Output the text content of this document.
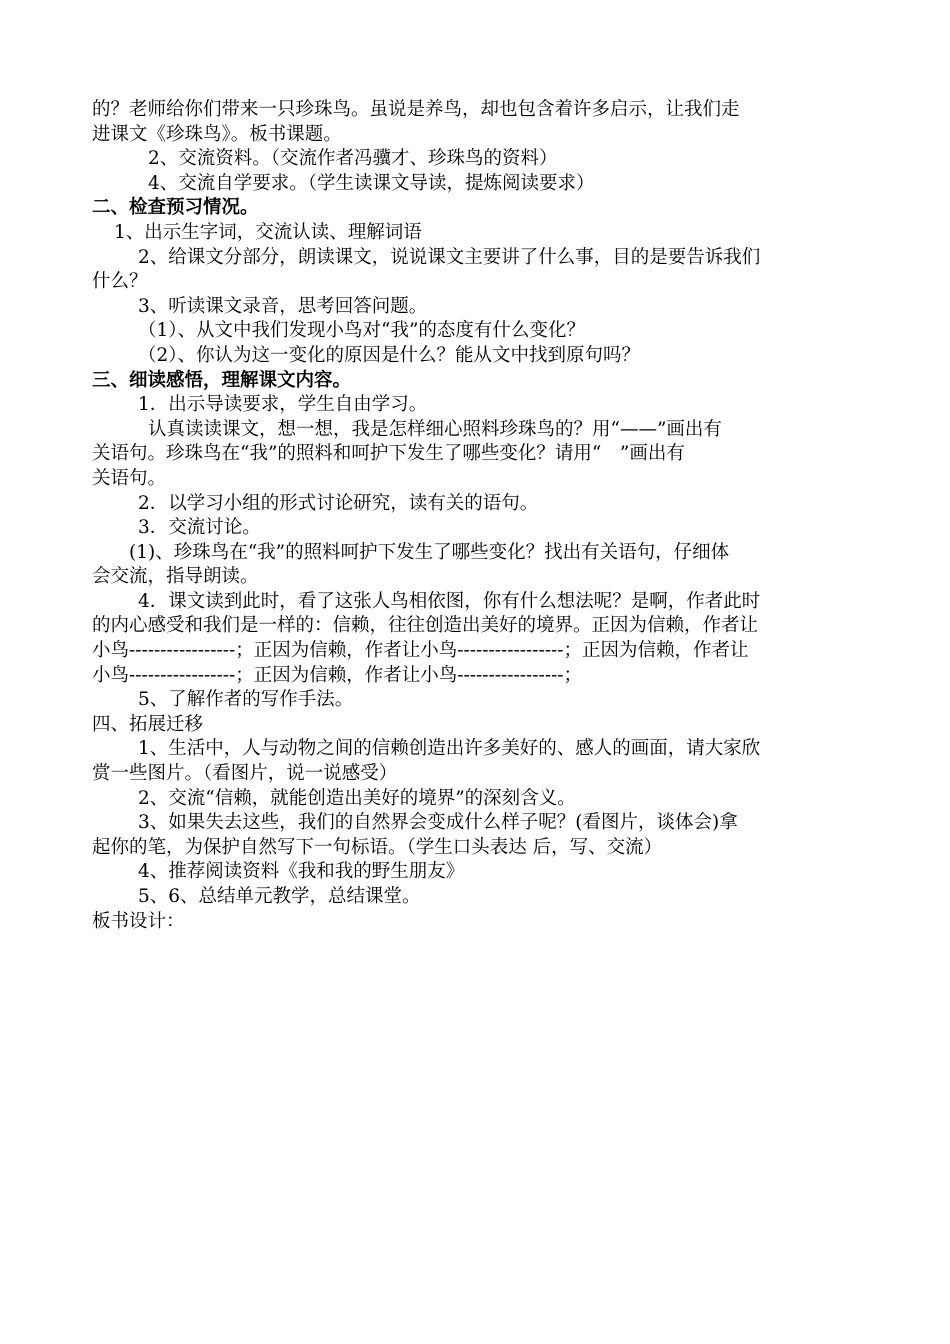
的？老师给你们带来一只珍珠鸟。虽说是养鸟，却也包含着许多启示，让我们走
进课文《珍珠鸟》。板书课题。
2、交流资料。（交流作者冯骥才、珍珠鸟的资料）
4、交流自学要求。（学生读课文导读，提炼阅读要求）
二、检查预习情况。
1、出示生字词，交流认读、理解词语
2、给课文分部分，朗读课文，说说课文主要讲了什么事，目的是要告诉我们
什么？
3、听读课文录音，思考回答问题。
（1）、从文中我们发现小鸟对“我”的态度有什么变化？
（2）、你认为这一变化的原因是什么？能从文中找到原句吗？
三、细读感悟，理解课文内容。
1．出示导读要求，学生自由学习。
认真读读课文，想一想，我是怎样细心照料珍珠鸟的？用“——”画出有
关语句。珍珠鸟在“我”的照料和呵护下发生了哪些变化？请用“　”画出有
关语句。
2．以学习小组的形式讨论研究，读有关的语句。
3．交流讨论。
(1)、珍珠鸟在“我”的照料呵护下发生了哪些变化？找出有关语句，仔细体
会交流，指导朗读。
4．课文读到此时，看了这张人鸟相依图，你有什么想法呢？是啊，作者此时
的内心感受和我们是一样的：信赖，往往创造出美好的境界。正因为信赖，作者让
小鸟-----------------；正因为信赖，作者让小鸟-----------------；正因为信赖，作者让
小鸟-----------------；正因为信赖，作者让小鸟-----------------；
5、了解作者的写作手法。
四、拓展迁移
1、生活中，人与动物之间的信赖创造出许多美好的、感人的画面，请大家欣
赏一些图片。（看图片，说一说感受）
2、交流“信赖，就能创造出美好的境界”的深刻含义。
3、如果失去这些，我们的自然界会变成什么样子呢？(看图片，谈体会)拿
起你的笔，为保护自然写下一句标语。（学生口头表达 后，写、交流）
4、推荐阅读资料《我和我的野生朋友》
5、6、总结单元教学，总结课堂。
板书设计：
